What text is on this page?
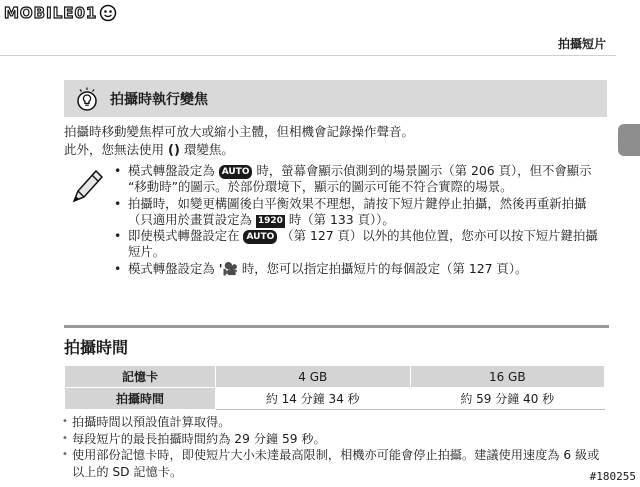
MOBILE01
拍攝短片
拍攝時執行變焦
拍攝時移動變焦桿可放大或縮小主體，但相機會記錄操作聲音。
此外，您無法使用 () 環變焦。
• 模式轉盤設定為 AUTO 時，螢幕會顯示偵測到的場景圖示（第 206 頁），但不會顯示 “移動時”的圖示。於部份環境下，顯示的圖示可能不符合實際的場景。
• 拍攝時，如變更構圖後白平衡效果不理想，請按下短片鍵停止拍攝，然後再重新拍攝（只適用於畫質設定為 1920 時（第 133 頁））。
• 即使模式轉盤設定在 AUTO （第 127 頁）以外的其他位置，您亦可以按下短片鍵拍攝短片。
• 模式轉盤設定為 '🎥 時，您可以指定拍攝短片的每個設定（第 127 頁）。
拍攝時間
記憶卡	4 GB	16 GB
拍攝時間	約 14 分鐘 34 秒	約 59 分鐘 40 秒
• 拍攝時間以預設值計算取得。
• 每段短片的最長拍攝時間約為 29 分鐘 59 秒。
• 使用部份記憶卡時，即使短片大小未達最高限制，相機亦可能會停止拍攝。建議使用速度為 6 級或以上的 SD 記憶卡。	#180255
